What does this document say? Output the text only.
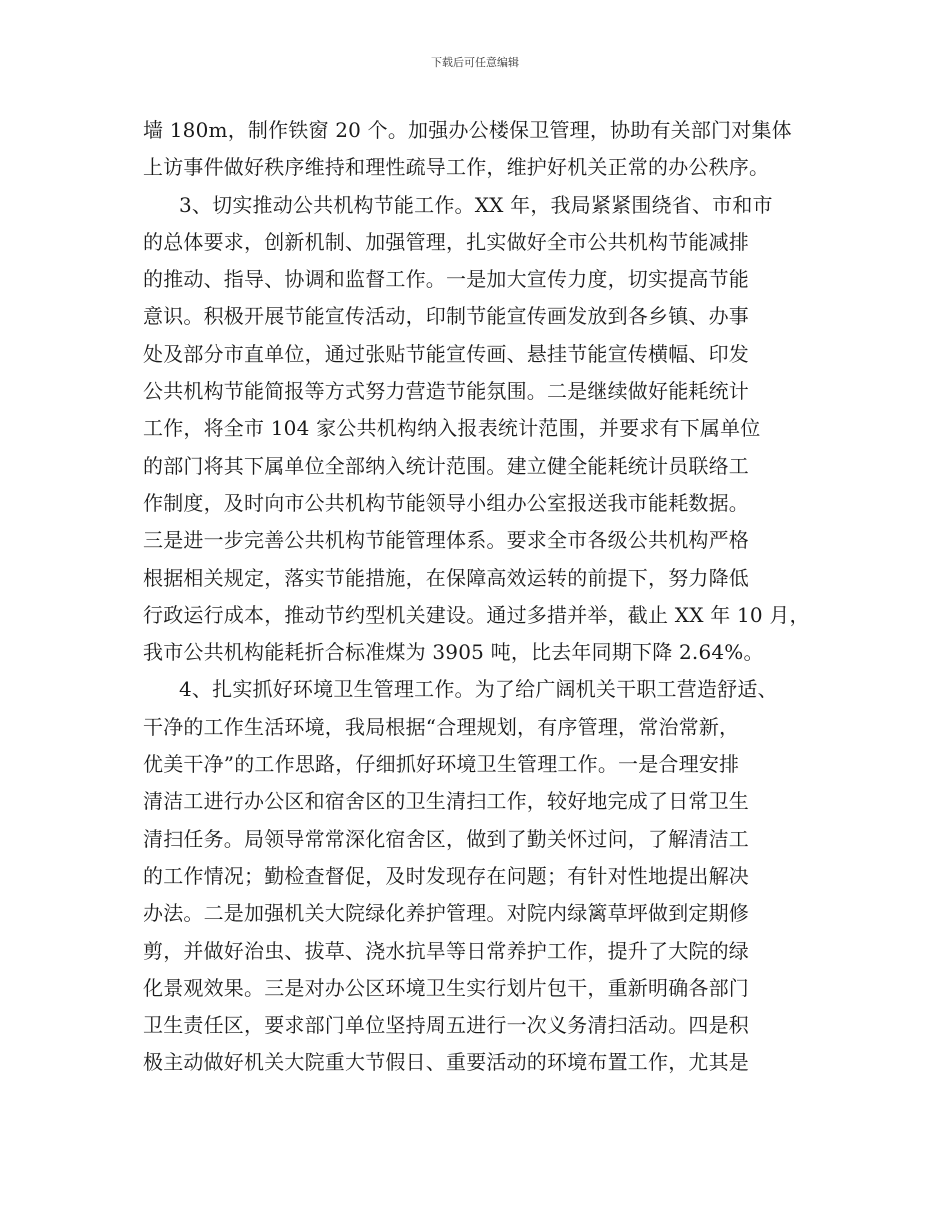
下载后可任意编辑
墙 180m，制作铁窗 20 个。加强办公楼保卫管理，协助有关部门对集体
上访事件做好秩序维持和理性疏导工作，维护好机关正常的办公秩序。
3、切实推动公共机构节能工作。XX 年，我局紧紧围绕省、市和市
的总体要求，创新机制、加强管理，扎实做好全市公共机构节能减排
的推动、指导、协调和监督工作。一是加大宣传力度，切实提高节能
意识。积极开展节能宣传活动，印制节能宣传画发放到各乡镇、办事
处及部分市直单位，通过张贴节能宣传画、悬挂节能宣传横幅、印发
公共机构节能简报等方式努力营造节能氛围。二是继续做好能耗统计
工作，将全市 104 家公共机构纳入报表统计范围，并要求有下属单位
的部门将其下属单位全部纳入统计范围。建立健全能耗统计员联络工
作制度，及时向市公共机构节能领导小组办公室报送我市能耗数据。
三是进一步完善公共机构节能管理体系。要求全市各级公共机构严格
根据相关规定，落实节能措施，在保障高效运转的前提下，努力降低
行政运行成本，推动节约型机关建设。通过多措并举，截止 XX 年 10 月，
我市公共机构能耗折合标准煤为 3905 吨，比去年同期下降 2.64%。
4、扎实抓好环境卫生管理工作。为了给广阔机关干职工营造舒适、
干净的工作生活环境，我局根据“合理规划，有序管理，常治常新，
优美干净”的工作思路，仔细抓好环境卫生管理工作。一是合理安排
清洁工进行办公区和宿舍区的卫生清扫工作，较好地完成了日常卫生
清扫任务。局领导常常深化宿舍区，做到了勤关怀过问，了解清洁工
的工作情况；勤检查督促，及时发现存在问题；有针对性地提出解决
办法。二是加强机关大院绿化养护管理。对院内绿篱草坪做到定期修
剪，并做好治虫、拔草、浇水抗旱等日常养护工作，提升了大院的绿
化景观效果。三是对办公区环境卫生实行划片包干，重新明确各部门
卫生责任区，要求部门单位坚持周五进行一次义务清扫活动。四是积
极主动做好机关大院重大节假日、重要活动的环境布置工作，尤其是
